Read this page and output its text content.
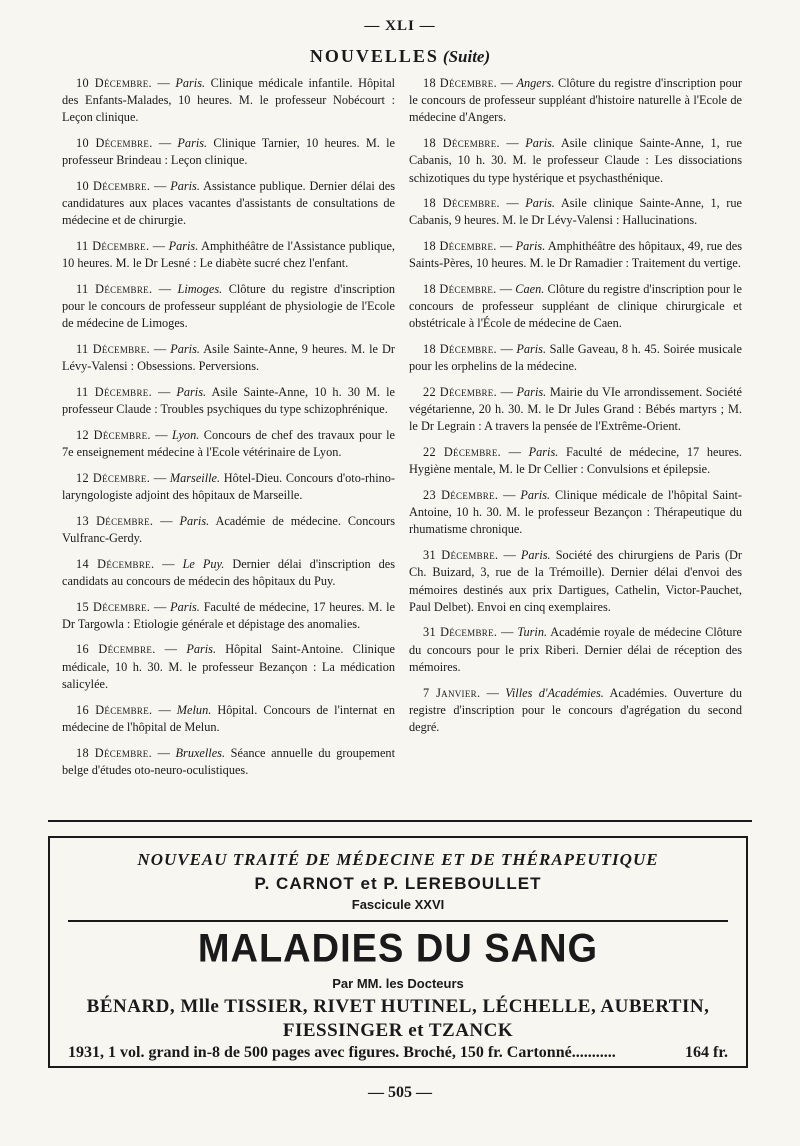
— XLI —
NOUVELLES (Suite)

10 Décembre. — Paris. Clinique médicale infantile. Hôpital des Enfants-Malades, 10 heures. M. le professeur Nobécourt : Leçon clinique.

10 Décembre. — Paris. Clinique Tarnier, 10 heures. M. le professeur Brindeau : Leçon clinique.

10 Décembre. — Paris. Assistance publique. Dernier délai des candidatures aux places vacantes d'assistants de consultations de médecine et de chirurgie.

11 Décembre. — Paris. Amphithéâtre de l'Assistance publique, 10 heures. M. le Dr Lesné : Le diabète sucré chez l'enfant.

11 Décembre. — Limoges. Clôture du registre d'inscription pour le concours de professeur suppléant de physiologie de l'Ecole de médecine de Limoges.

11 Décembre. — Paris. Asile Sainte-Anne, 9 heures. M. le Dr Lévy-Valensi : Obsessions. Perversions.

11 Décembre. — Paris. Asile Sainte-Anne, 10 h. 30 M. le professeur Claude : Troubles psychiques du type schizophrénique.

12 Décembre. — Lyon. Concours de chef des travaux pour le 7e enseignement médecine à l'Ecole vétérinaire de Lyon.

12 Décembre. — Marseille. Hôtel-Dieu. Concours d'oto-rhino-laryngologiste adjoint des hôpitaux de Marseille.

13 Décembre. — Paris. Académie de médecine. Concours Vulfranc-Gerdy.

14 Décembre. — Le Puy. Dernier délai d'inscription des candidats au concours de médecin des hôpitaux du Puy.

15 Décembre. — Paris. Faculté de médecine, 17 heures. M. le Dr Targowla : Etiologie générale et dépistage des anomalies.

16 Décembre. — Paris. Hôpital Saint-Antoine. Clinique médicale, 10 h. 30. M. le professeur Bezançon : La médication salicylée.

16 Décembre. — Melun. Hôpital. Concours de l'internat en médecine de l'hôpital de Melun.

18 Décembre. — Bruxelles. Séance annuelle du groupement belge d'études oto-neuro-oculistiques.

18 Décembre. — Angers. Clôture du registre d'inscription pour le concours de professeur suppléant d'histoire naturelle à l'Ecole de médecine d'Angers.

18 Décembre. — Paris. Asile clinique Sainte-Anne, 1, rue Cabanis, 10 h. 30. M. le professeur Claude : Les dissociations schizotiques du type hystérique et psychasthénique.

18 Décembre. — Paris. Asile clinique Sainte-Anne, 1, rue Cabanis, 9 heures. M. le Dr Lévy-Valensi : Hallucinations.

18 Décembre. — Paris. Amphithéâtre des hôpitaux, 49, rue des Saints-Pères, 10 heures. M. le Dr Ramadier : Traitement du vertige.

18 Décembre. — Caen. Clôture du registre d'inscription pour le concours de professeur suppléant de clinique chirurgicale et obstétricale à l'École de médecine de Caen.

18 Décembre. — Paris. Salle Gaveau, 8 h. 45. Soirée musicale pour les orphelins de la médecine.

22 Décembre. — Paris. Mairie du VIe arrondissement. Société végétarienne, 20 h. 30. M. le Dr Jules Grand : Bébés martyrs ; M. le Dr Legrain : A travers la pensée de l'Extrême-Orient.

22 Décembre. — Paris. Faculté de médecine, 17 heures. Hygiène mentale, M. le Dr Cellier : Convulsions et épilepsie.

23 Décembre. — Paris. Clinique médicale de l'hôpital Saint-Antoine, 10 h. 30. M. le professeur Bezançon : Thérapeutique du rhumatisme chronique.

31 Décembre. — Paris. Société des chirurgiens de Paris (Dr Ch. Buizard, 3, rue de la Trémoille). Dernier délai d'envoi des mémoires destinés aux prix Dartigues, Cathelin, Victor-Pauchet, Paul Delbet). Envoi en cinq exemplaires.

31 Décembre. — Turin. Académie royale de médecine Clôture du concours pour le prix Riberi. Dernier délai de réception des mémoires.

7 Janvier. — Villes d'Académies. Académies. Ouverture du registre d'inscription pour le concours d'agrégation du second degré.

NOUVEAU TRAITÉ DE MÉDECINE ET DE THÉRAPEUTIQUE
P. CARNOT et P. LEREBOULLET
Fascicule XXVI
MALADIES DU SANG
Par MM. les Docteurs
BÉNARD, Mlle TISSIER, RIVET HUTINEL, LÉCHELLE, AUBERTIN,
FIESSINGER et TZANCK
1931, 1 vol. grand in-8 de 500 pages avec figures. Broché, 150 fr. Cartonné...........	164 fr.
— 505 —
